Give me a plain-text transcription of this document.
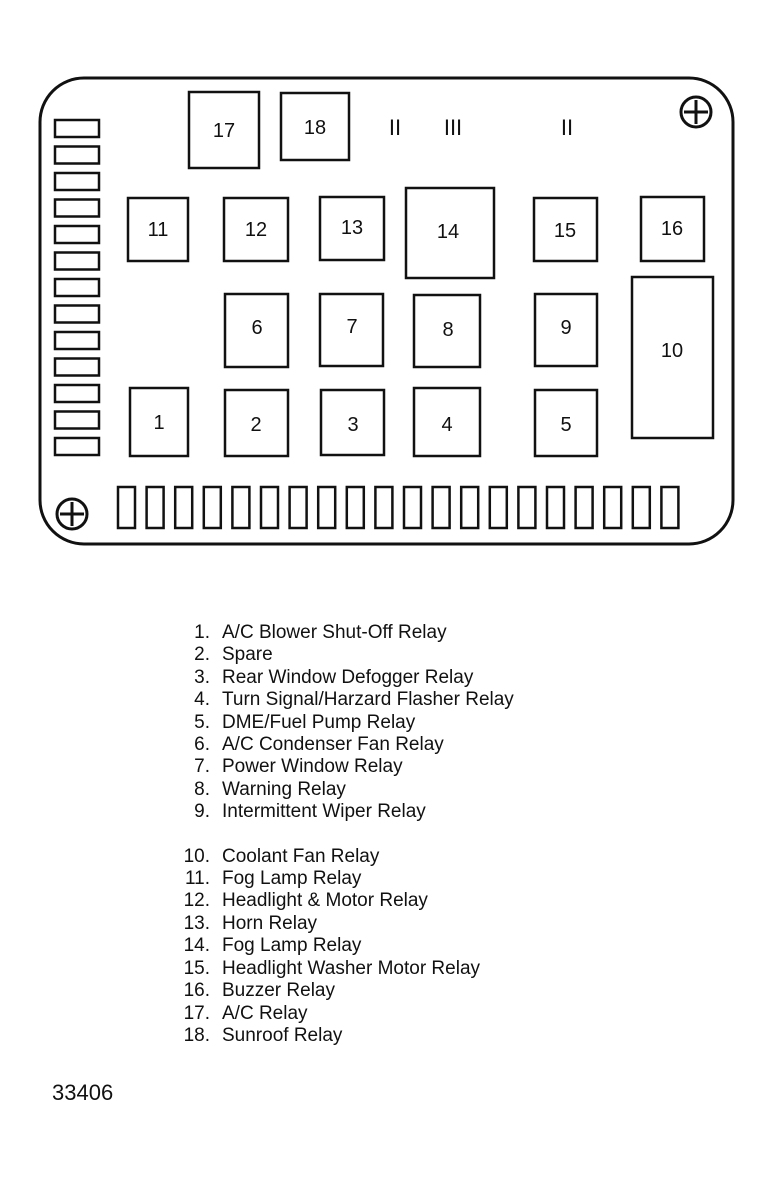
II III	II
17	18
11	12	13	14	15	16
6	7	8	9
10
1	2	3	4	5
1. A/C Blower Shut-Off Relay
2. Spare
3. Rear Window Defogger Relay
4. Turn Signal/Harzard Flasher Relay
5. DME/Fuel Pump Relay
6. A/C Condenser Fan Relay
7. Power Window Relay
8. Warning Relay
9. Intermittent Wiper Relay
10. Coolant Fan Relay
11. Fog Lamp Relay
12. Headlight & Motor Relay
13. Horn Relay
14. Fog Lamp Relay
15. Headlight Washer Motor Relay
16. Buzzer Relay
17. A/C Relay
18. Sunroof Relay
33406
